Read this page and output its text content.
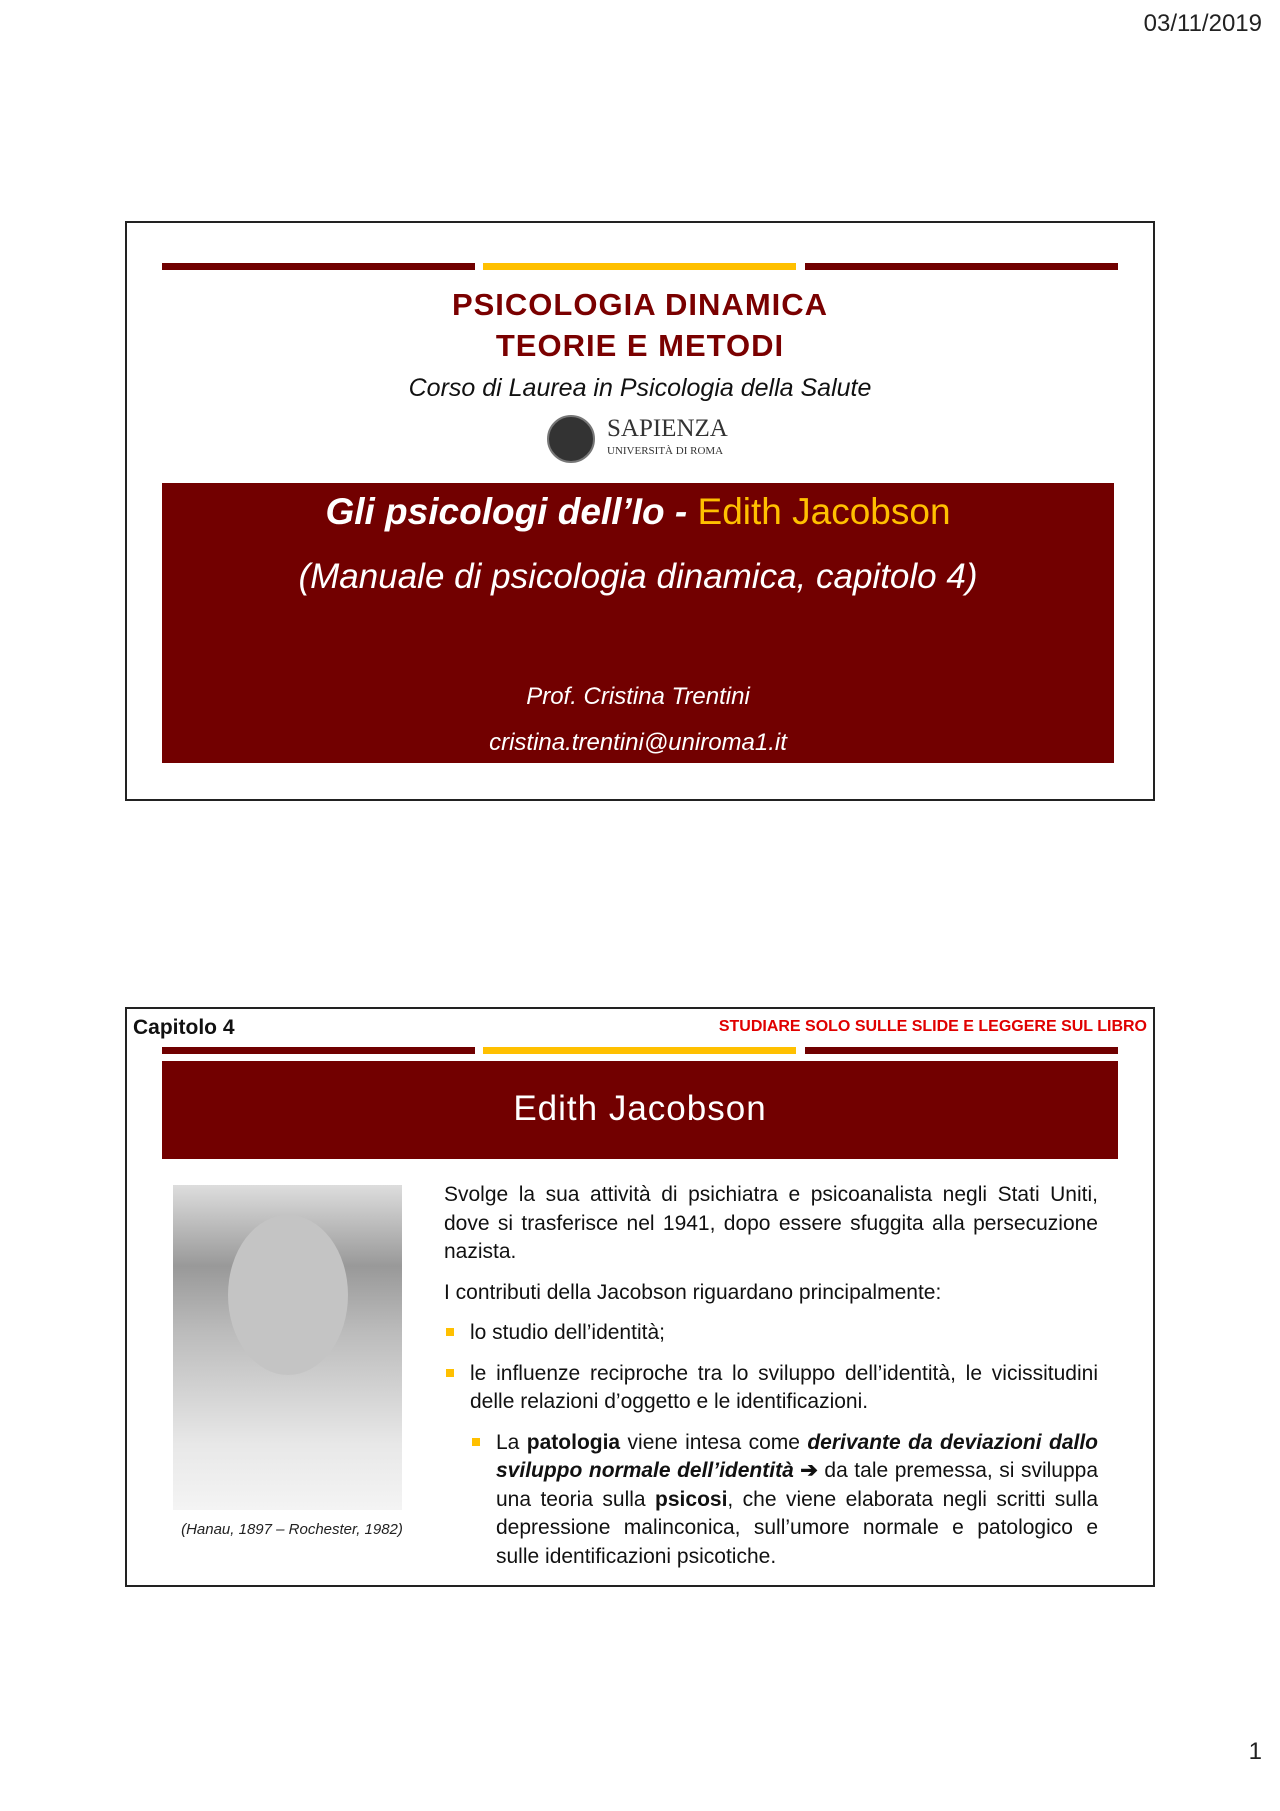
03/11/2019
PSICOLOGIA DINAMICA
TEORIE E METODI
Corso di Laurea in Psicologia della Salute
SAPIENZA
UNIVERSITÀ DI ROMA
Gli psicologi dell’Io - Edith Jacobson
(Manuale di psicologia dinamica, capitolo 4)
Prof. Cristina Trentini
cristina.trentini@uniroma1.it
Capitolo 4	STUDIARE SOLO SULLE SLIDE E LEGGERE SUL LIBRO
Edith Jacobson
(Hanau, 1897 – Rochester, 1982)

Svolge la sua attività di psichiatra e psicoanalista negli Stati Uniti, dove si trasferisce nel 1941, dopo essere sfuggita alla persecuzione nazista.

I contributi della Jacobson riguardano principalmente:

lo studio dell’identità;
le influenze reciproche tra lo sviluppo dell’identità, le vicissitudini delle relazioni d’oggetto e le identificazioni.
La patologia viene intesa come derivante da deviazioni dallo sviluppo normale dell’identità ➔ da tale premessa, si sviluppa una teoria sulla psicosi, che viene elaborata negli scritti sulla depressione malinconica, sull’umore normale e patologico e sulle identificazioni psicotiche.
1
